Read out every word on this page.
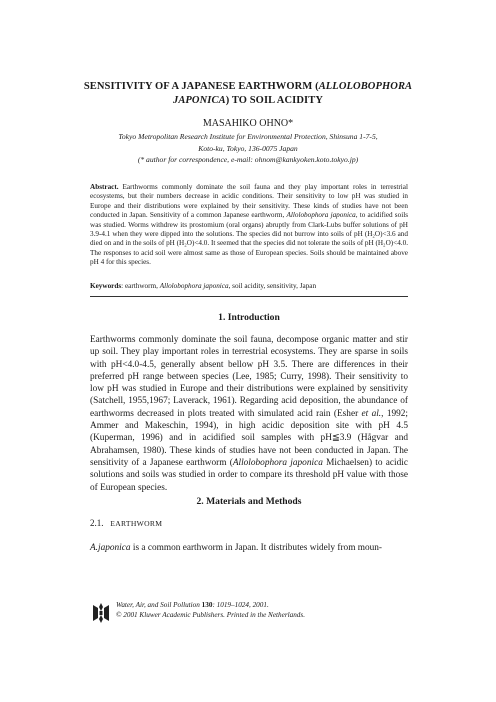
SENSITIVITY OF A JAPANESE EARTHWORM (ALLOLOBOPHORA JAPONICA) TO SOIL ACIDITY
MASAHIKO OHNO*
Tokyo Metropolitan Research Institute for Environmental Protection, Shinsuna 1-7-5,
Koto-ku, Tokyo, 136-0075 Japan
(* author for correspondence, e-mail: ohnom@kankyoken.koto.tokyo.jp)
Abstract. Earthworms commonly dominate the soil fauna and they play important roles in terrestrial ecosystems, but their numbers decrease in acidic conditions. Their sensitivity to low pH was studied in Europe and their distributions were explained by their sensitivity. These kinds of studies have not been conducted in Japan. Sensitivity of a common Japanese earthworm, Allolobophora japonica, to acidified soils was studied. Worms withdrew its prostomium (oral organs) abruptly from Clark-Lubs buffer solutions of pH 3.9-4.1 when they were dipped into the solutions. The species did not burrow into soils of pH (H₂O)<3.6 and died on and in the soils of pH (H₂O)<4.0. It seemed that the species did not tolerate the soils of pH (H₂O)<4.0. The responses to acid soil were almost same as those of European species. Soils should be maintained above pH 4 for this species.
Keywords: earthworm, Allolobophora japonica, soil acidity, sensitivity, Japan
1. Introduction
Earthworms commonly dominate the soil fauna, decompose organic matter and stir up soil. They play important roles in terrestrial ecosystems. They are sparse in soils with pH<4.0-4.5, generally absent bellow pH 3.5. There are differences in their preferred pH range between species (Lee, 1985; Curry, 1998). Their sensitivity to low pH was studied in Europe and their distributions were explained by sensitivity (Satchell, 1955,1967; Laverack, 1961). Regarding acid deposition, the abundance of earthworms decreased in plots treated with simulated acid rain (Esher et al., 1992; Ammer and Makeschin, 1994), in high acidic deposition site with pH 4.5 (Kuperman, 1996) and in acidified soil samples with pH≦3.9 (Hågvar and Abrahamsen, 1980). These kinds of studies have not been conducted in Japan. The sensitivity of a Japanese earthworm (Allolobophora japonica Michaelsen) to acidic solutions and soils was studied in order to compare its threshold pH value with those of European species.
2. Materials and Methods
2.1. EARTHWORM
A.japonica is a common earthworm in Japan. It distributes widely from moun-
Water, Air, and Soil Pollution 130: 1019–1024, 2001.
© 2001 Kluwer Academic Publishers. Printed in the Netherlands.
